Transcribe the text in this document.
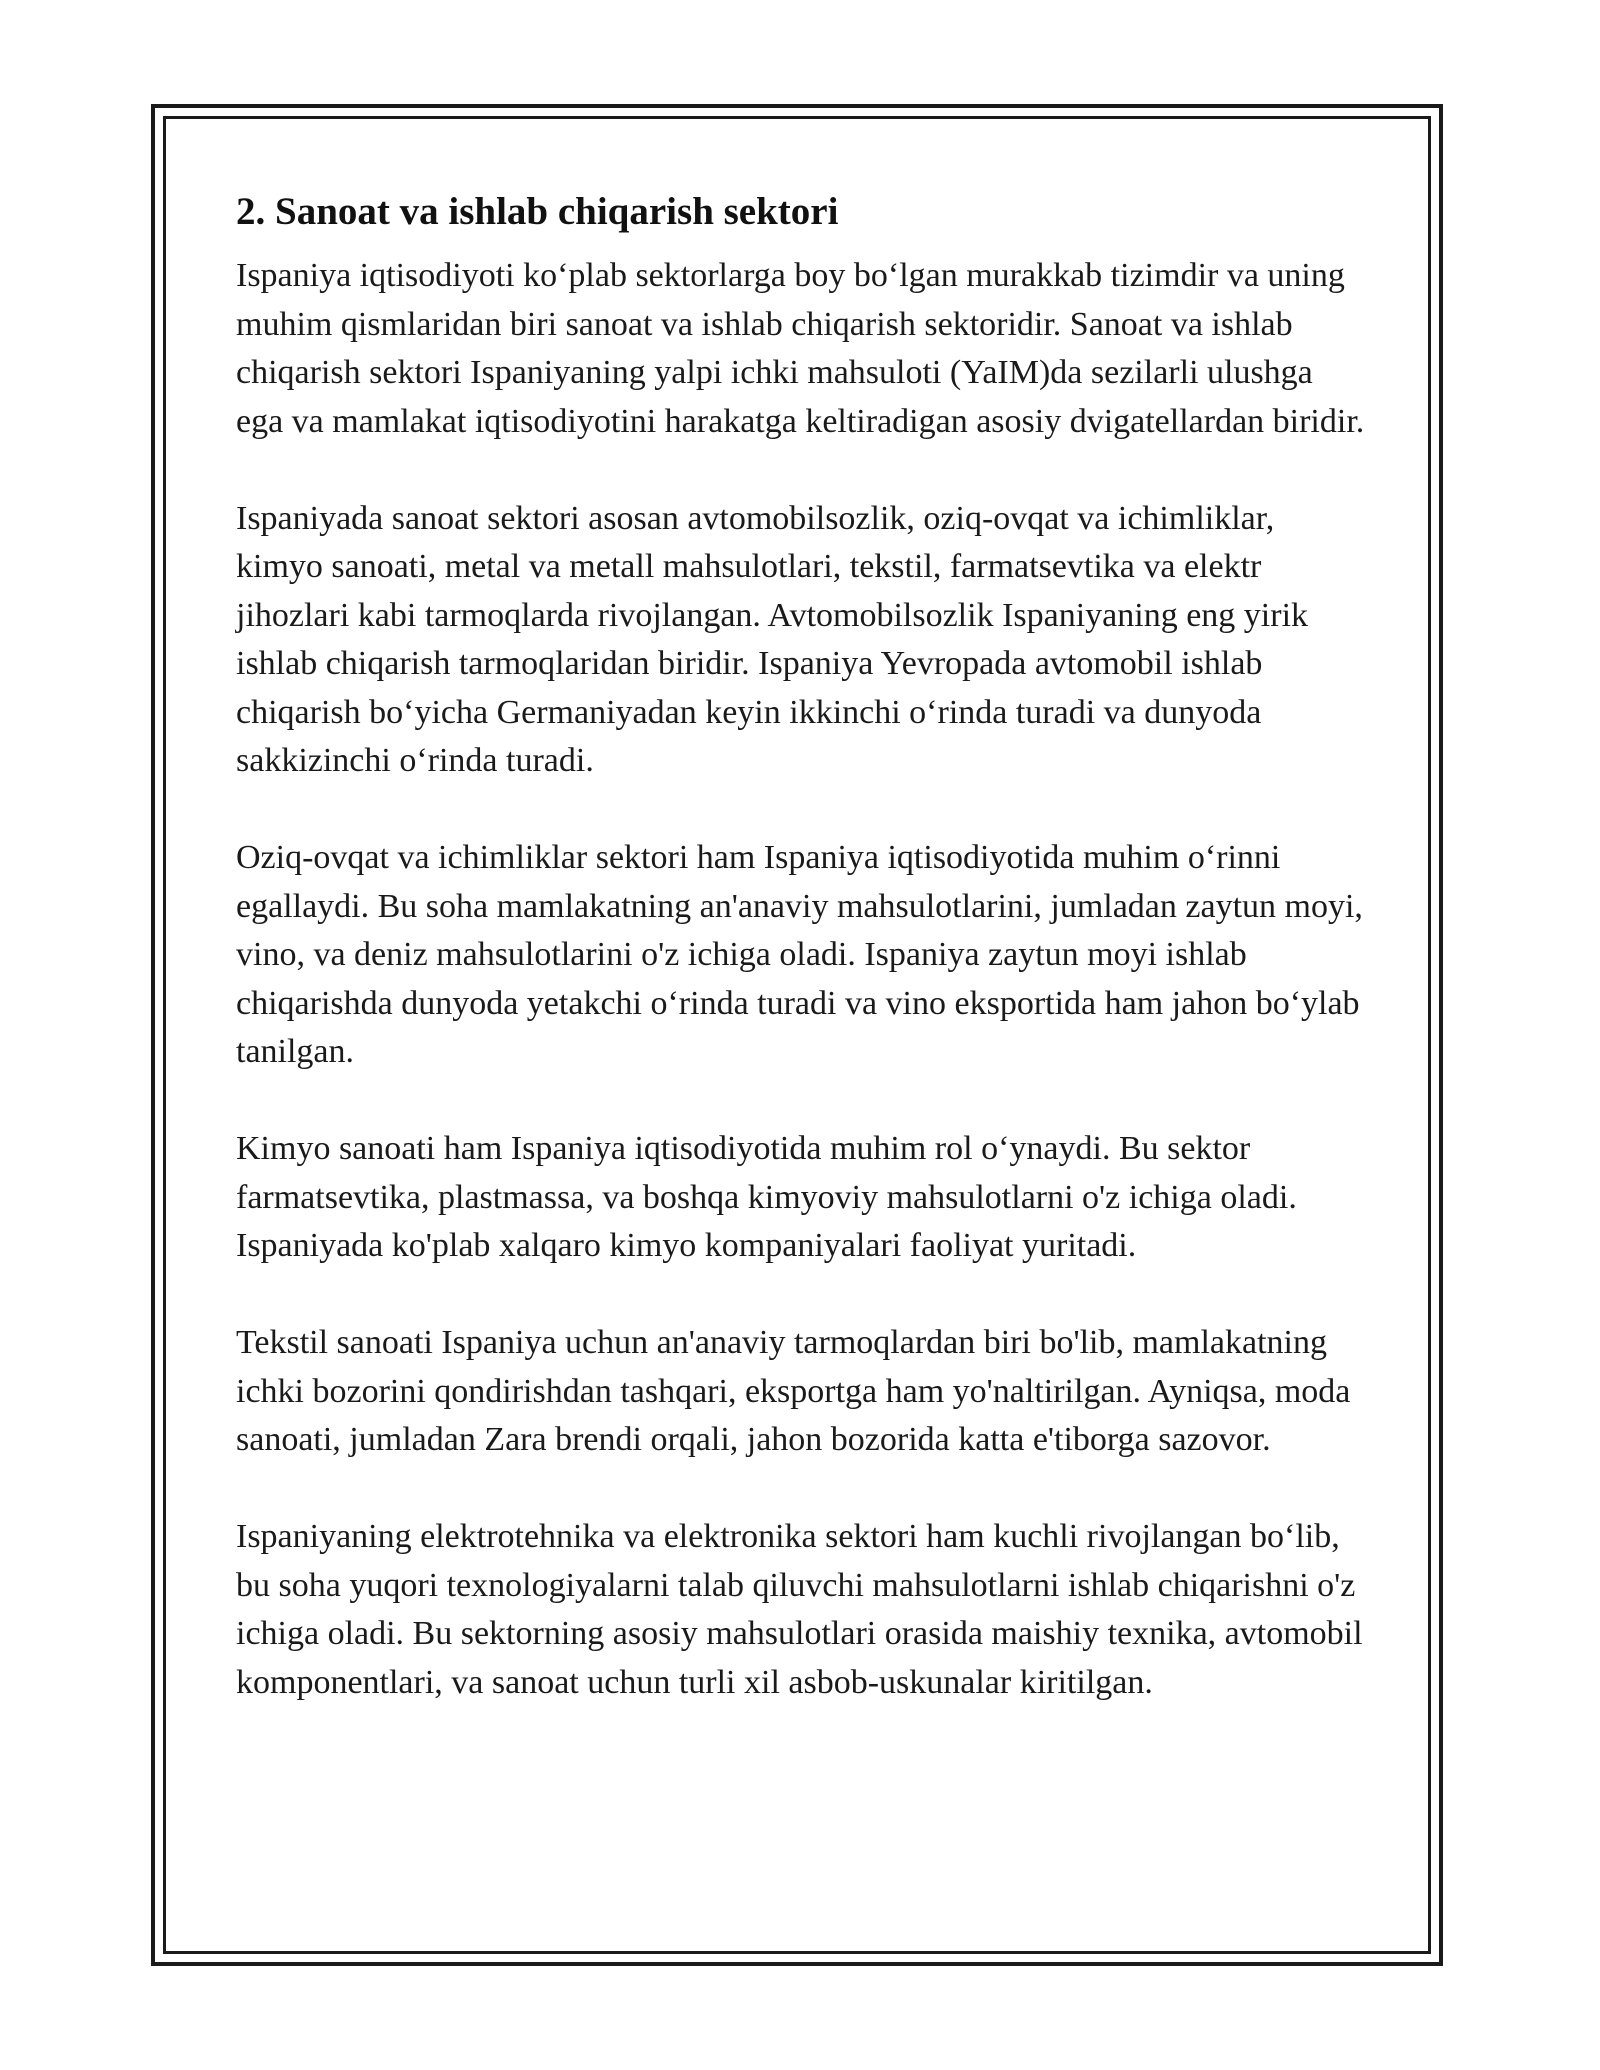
2. Sanoat va ishlab chiqarish sektori

Ispaniya iqtisodiyoti ko‘plab sektorlarga boy bo‘lgan murakkab tizimdir va uning muhim qismlaridan biri sanoat va ishlab chiqarish sektoridir. Sanoat va ishlab chiqarish sektori Ispaniyaning yalpi ichki mahsuloti (YaIM)da sezilarli ulushga ega va mamlakat iqtisodiyotini harakatga keltiradigan asosiy dvigatellardan biridir.

Ispaniyada sanoat sektori asosan avtomobilsozlik, oziq-ovqat va ichimliklar, kimyo sanoati, metal va metall mahsulotlari, tekstil, farmatsevtika va elektr jihozlari kabi tarmoqlarda rivojlangan. Avtomobilsozlik Ispaniyaning eng yirik ishlab chiqarish tarmoqlaridan biridir. Ispaniya Yevropada avtomobil ishlab chiqarish bo‘yicha Germaniyadan keyin ikkinchi o‘rinda turadi va dunyoda sakkizinchi o‘rinda turadi.

Oziq-ovqat va ichimliklar sektori ham Ispaniya iqtisodiyotida muhim o‘rinni egallaydi. Bu soha mamlakatning an'anaviy mahsulotlarini, jumladan zaytun moyi, vino, va deniz mahsulotlarini o'z ichiga oladi. Ispaniya zaytun moyi ishlab chiqarishda dunyoda yetakchi o‘rinda turadi va vino eksportida ham jahon bo‘ylab tanilgan.

Kimyo sanoati ham Ispaniya iqtisodiyotida muhim rol o‘ynaydi. Bu sektor farmatsevtika, plastmassa, va boshqa kimyoviy mahsulotlarni o'z ichiga oladi. Ispaniyada ko'plab xalqaro kimyo kompaniyalari faoliyat yuritadi.

Tekstil sanoati Ispaniya uchun an'anaviy tarmoqlardan biri bo'lib, mamlakatning ichki bozorini qondirishdan tashqari, eksportga ham yo'naltirilgan. Ayniqsa, moda sanoati, jumladan Zara brendi orqali, jahon bozorida katta e'tiborga sazovor.

Ispaniyaning elektrotehnika va elektronika sektori ham kuchli rivojlangan bo‘lib, bu soha yuqori texnologiyalarni talab qiluvchi mahsulotlarni ishlab chiqarishni o'z ichiga oladi. Bu sektorning asosiy mahsulotlari orasida maishiy texnika, avtomobil komponentlari, va sanoat uchun turli xil asbob-uskunalar kiritilgan.
